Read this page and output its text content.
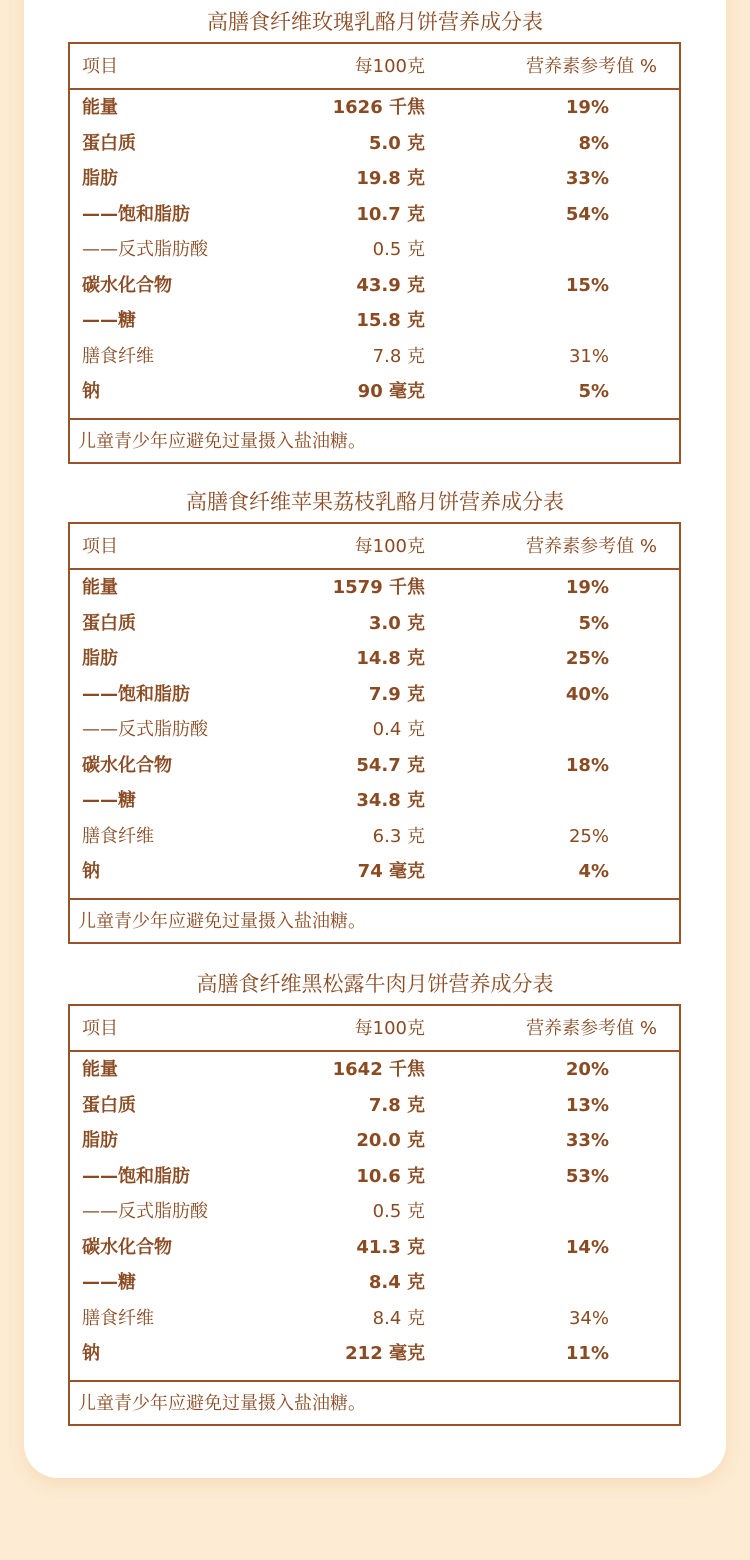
高膳食纤维玫瑰乳酪月饼营养成分表
项目	每100克	营养素参考值 %
能量	1626 千焦	19%
蛋白质	5.0 克	8%
脂肪	19.8 克	33%
——饱和脂肪	10.7 克	54%
——反式脂肪酸	0.5 克
碳水化合物	43.9 克	15%
——糖	15.8 克
膳食纤维	7.8 克	31%
钠	90 毫克	5%
儿童青少年应避免过量摄入盐油糖。
高膳食纤维苹果荔枝乳酪月饼营养成分表
项目	每100克	营养素参考值 %
能量	1579 千焦	19%
蛋白质	3.0 克	5%
脂肪	14.8 克	25%
——饱和脂肪	7.9 克	40%
——反式脂肪酸	0.4 克
碳水化合物	54.7 克	18%
——糖	34.8 克
膳食纤维	6.3 克	25%
钠	74 毫克	4%
儿童青少年应避免过量摄入盐油糖。
高膳食纤维黑松露牛肉月饼营养成分表
项目	每100克	营养素参考值 %
能量	1642 千焦	20%
蛋白质	7.8 克	13%
脂肪	20.0 克	33%
——饱和脂肪	10.6 克	53%
——反式脂肪酸	0.5 克
碳水化合物	41.3 克	14%
——糖	8.4 克
膳食纤维	8.4 克	34%
钠	212 毫克	11%
儿童青少年应避免过量摄入盐油糖。
